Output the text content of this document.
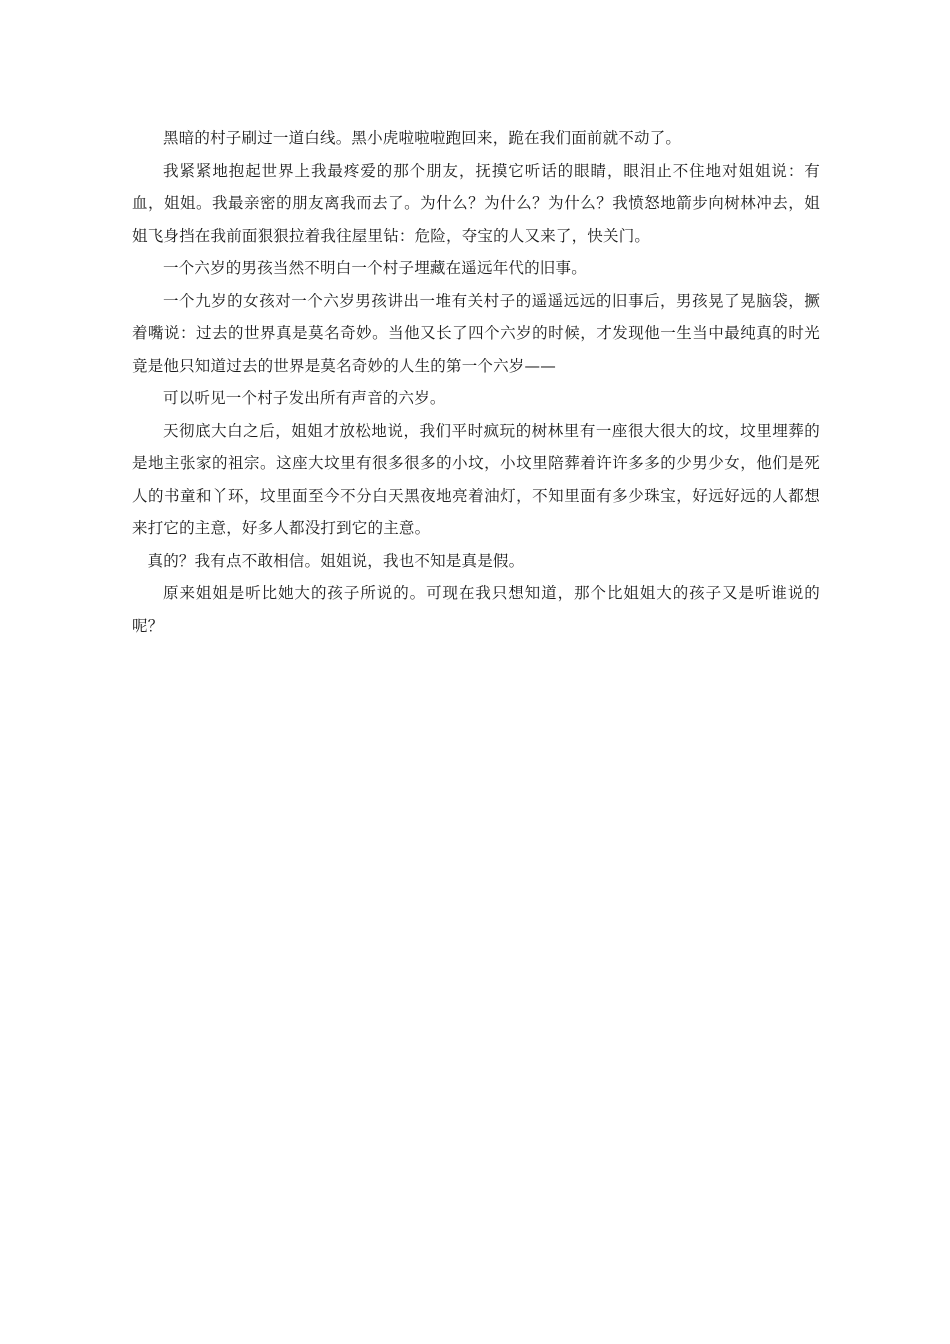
黑暗的村子刷过一道白线。黑小虎啦啦啦跑回来，跪在我们面前就不动了。

我紧紧地抱起世界上我最疼爱的那个朋友，抚摸它听话的眼睛，眼泪止不住地对姐姐说：有血，姐姐。我最亲密的朋友离我而去了。为什么？为什么？为什么？我愤怒地箭步向树林冲去，姐姐飞身挡在我前面狠狠拉着我往屋里钻：危险，夺宝的人又来了，快关门。

一个六岁的男孩当然不明白一个村子埋藏在遥远年代的旧事。

一个九岁的女孩对一个六岁男孩讲出一堆有关村子的遥遥远远的旧事后，男孩晃了晃脑袋，撅着嘴说：过去的世界真是莫名奇妙。当他又长了四个六岁的时候，才发现他一生当中最纯真的时光竟是他只知道过去的世界是莫名奇妙的人生的第一个六岁——

可以听见一个村子发出所有声音的六岁。

天彻底大白之后，姐姐才放松地说，我们平时疯玩的树林里有一座很大很大的坟，坟里埋葬的是地主张家的祖宗。这座大坟里有很多很多的小坟，小坟里陪葬着许许多多的少男少女，他们是死人的书童和丫环，坟里面至今不分白天黑夜地亮着油灯，不知里面有多少珠宝，好远好远的人都想来打它的主意，好多人都没打到它的主意。

真的？我有点不敢相信。姐姐说，我也不知是真是假。

原来姐姐是听比她大的孩子所说的。可现在我只想知道，那个比姐姐大的孩子又是听谁说的呢？
